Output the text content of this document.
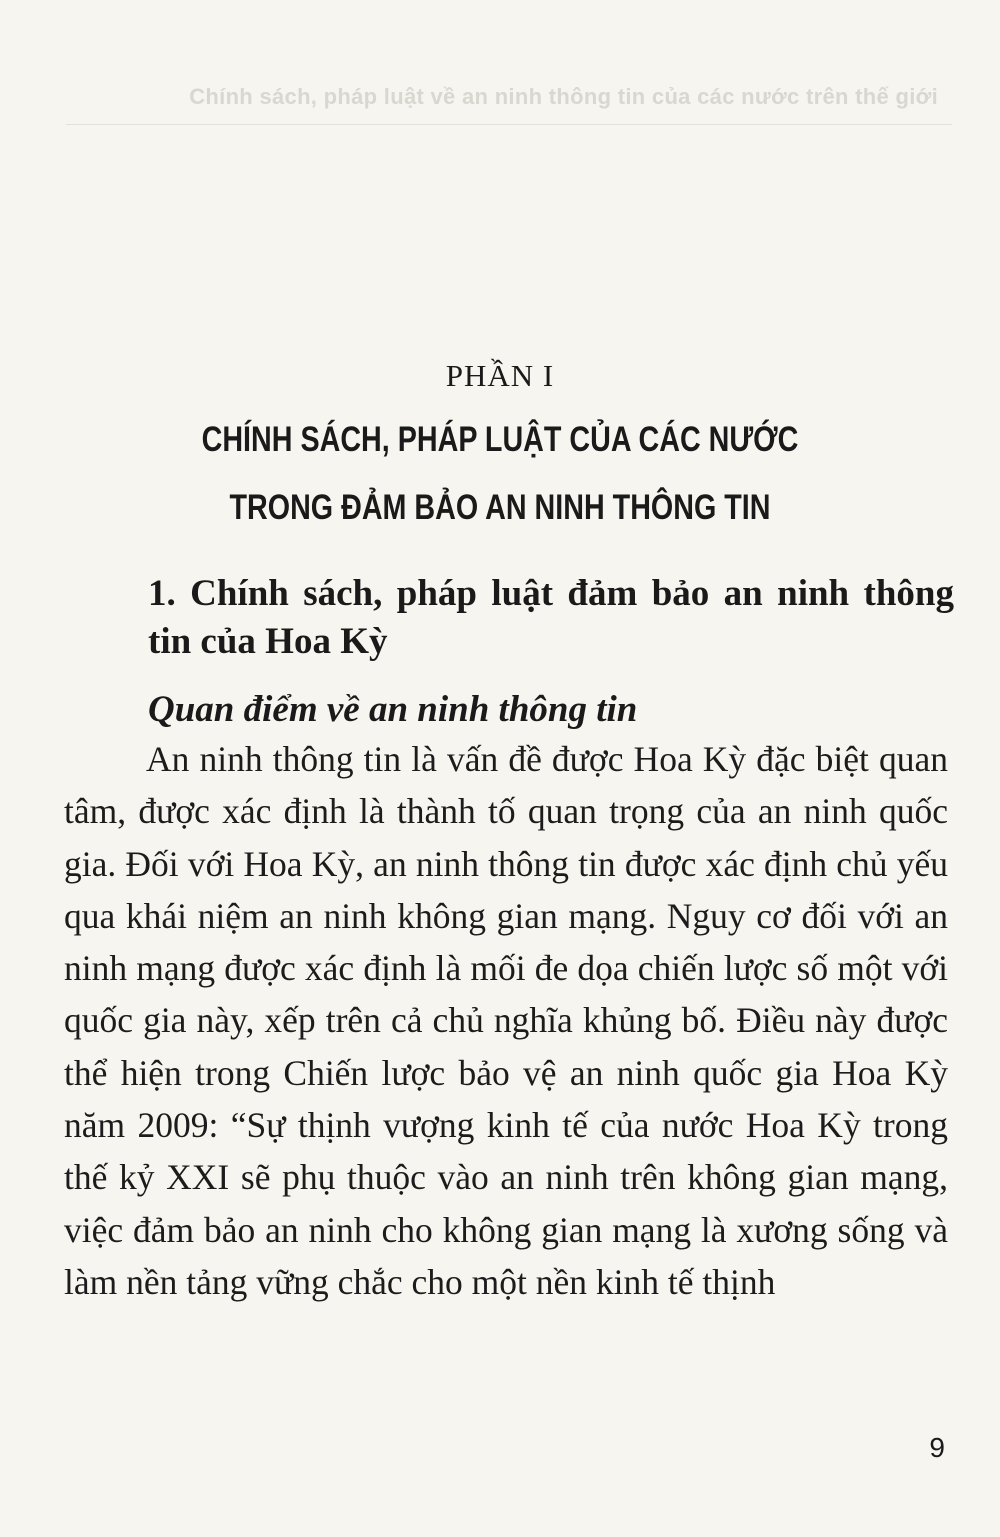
Chính sách, pháp luật về an ninh thông tin của các nước trên thế giới
PHẦN I
CHÍNH SÁCH, PHÁP LUẬT CỦA CÁC NƯỚC
TRONG ĐẢM BẢO AN NINH THÔNG TIN
1. Chính sách, pháp luật đảm bảo an ninh thông tin của Hoa Kỳ
Quan điểm về an ninh thông tin

An ninh thông tin là vấn đề được Hoa Kỳ đặc biệt quan tâm, được xác định là thành tố quan trọng của an ninh quốc gia. Đối với Hoa Kỳ, an ninh thông tin được xác định chủ yếu qua khái niệm an ninh không gian mạng. Nguy cơ đối với an ninh mạng được xác định là mối đe dọa chiến lược số một với quốc gia này, xếp trên cả chủ nghĩa khủng bố. Điều này được thể hiện trong Chiến lược bảo vệ an ninh quốc gia Hoa Kỳ năm 2009: “Sự thịnh vượng kinh tế của nước Hoa Kỳ trong thế kỷ XXI sẽ phụ thuộc vào an ninh trên không gian mạng, việc đảm bảo an ninh cho không gian mạng là xương sống và làm nền tảng vững chắc cho một nền kinh tế thịnh

9
